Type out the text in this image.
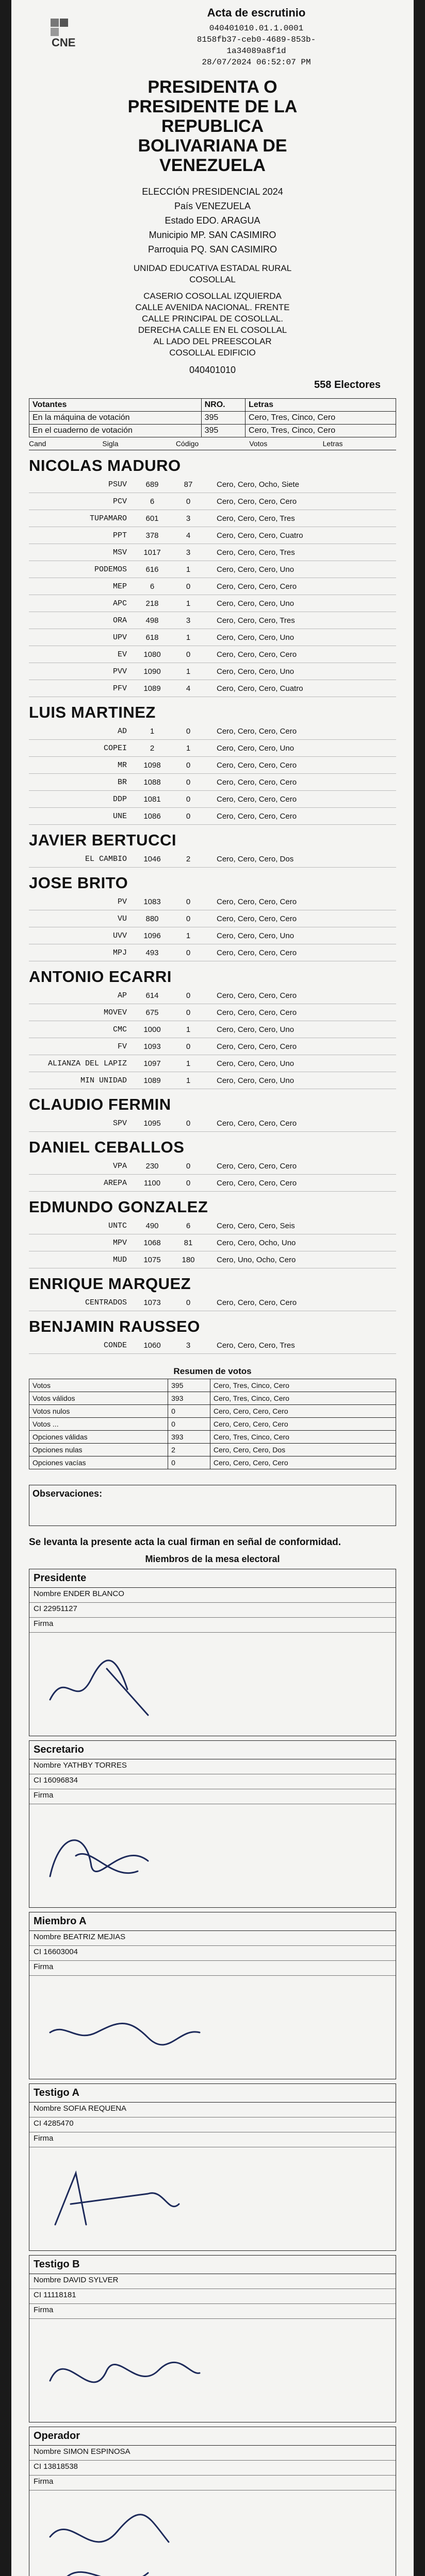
CNE
Acta de escrutinio
040401010.01.1.0001
8158fb37-ceb0-4689-853b-
1a34089a8f1d
28/07/2024 06:52:07 PM
PRESIDENTA O
PRESIDENTE DE LA
REPUBLICA
BOLIVARIANA DE
VENEZUELA
ELECCIÓN PRESIDENCIAL 2024
País VENEZUELA
Estado EDO. ARAGUA
Municipio MP. SAN CASIMIRO
Parroquia PQ. SAN CASIMIRO
UNIDAD EDUCATIVA ESTADAL RURAL
COSOLLAL
CASERIO COSOLLAL IZQUIERDA
CALLE AVENIDA NACIONAL. FRENTE
CALLE PRINCIPAL DE COSOLLAL.
DERECHA CALLE EN EL COSOLLAL
AL LADO DEL PREESCOLAR
COSOLLAL EDIFICIO
040401010
558 Electores
Votantes	NRO.	Letras
En la máquina de votación	395	Cero, Tres, Cinco, Cero
En el cuaderno de votación	395	Cero, Tres, Cinco, Cero
Cand	Sigla	Código	Votos	Letras
NICOLAS MADURO
PSUV	689	87	Cero, Cero, Ocho, Siete
PCV	6	0	Cero, Cero, Cero, Cero
TUPAMARO	601	3	Cero, Cero, Cero, Tres
PPT	378	4	Cero, Cero, Cero, Cuatro
MSV	1017	3	Cero, Cero, Cero, Tres
PODEMOS	616	1	Cero, Cero, Cero, Uno
MEP	6	0	Cero, Cero, Cero, Cero
APC	218	1	Cero, Cero, Cero, Uno
ORA	498	3	Cero, Cero, Cero, Tres
UPV	618	1	Cero, Cero, Cero, Uno
EV	1080	0	Cero, Cero, Cero, Cero
PVV	1090	1	Cero, Cero, Cero, Uno
PFV	1089	4	Cero, Cero, Cero, Cuatro
LUIS MARTINEZ
AD	1	0	Cero, Cero, Cero, Cero
COPEI	2	1	Cero, Cero, Cero, Uno
MR	1098	0	Cero, Cero, Cero, Cero
BR	1088	0	Cero, Cero, Cero, Cero
DDP	1081	0	Cero, Cero, Cero, Cero
UNE	1086	0	Cero, Cero, Cero, Cero
JAVIER BERTUCCI
EL CAMBIO	1046	2	Cero, Cero, Cero, Dos
JOSE BRITO
PV	1083	0	Cero, Cero, Cero, Cero
VU	880	0	Cero, Cero, Cero, Cero
UVV	1096	1	Cero, Cero, Cero, Uno
MPJ	493	0	Cero, Cero, Cero, Cero
ANTONIO ECARRI
AP	614	0	Cero, Cero, Cero, Cero
MOVEV	675	0	Cero, Cero, Cero, Cero
CMC	1000	1	Cero, Cero, Cero, Uno
FV	1093	0	Cero, Cero, Cero, Cero
ALIANZA DEL LAPIZ	1097	1	Cero, Cero, Cero, Uno
MIN UNIDAD	1089	1	Cero, Cero, Cero, Uno
CLAUDIO FERMIN
SPV	1095	0	Cero, Cero, Cero, Cero
DANIEL CEBALLOS
VPA	230	0	Cero, Cero, Cero, Cero
AREPA	1100	0	Cero, Cero, Cero, Cero
EDMUNDO GONZALEZ
UNTC	490	6	Cero, Cero, Cero, Seis
MPV	1068	81	Cero, Cero, Ocho, Uno
MUD	1075	180	Cero, Uno, Ocho, Cero
ENRIQUE MARQUEZ
CENTRADOS	1073	0	Cero, Cero, Cero, Cero
BENJAMIN RAUSSEO
CONDE	1060	3	Cero, Cero, Cero, Tres
Resumen de votos
Votos	395	Cero, Tres, Cinco, Cero
Votos válidos	393	Cero, Tres, Cinco, Cero
Votos nulos	0	Cero, Cero, Cero, Cero
Votos ...	0	Cero, Cero, Cero, Cero
Opciones válidas	393	Cero, Tres, Cinco, Cero
Opciones nulas	2	Cero, Cero, Cero, Dos
Opciones vacías	0	Cero, Cero, Cero, Cero
Observaciones:
Se levanta la presente acta la cual firman en señal de conformidad.
Miembros de la mesa electoral
Presidente
Nombre ENDER BLANCO
CI 22951127
Firma
Secretario
Nombre YATHBY TORRES
CI 16096834
Firma
Miembro A
Nombre BEATRIZ MEJIAS
CI 16603004
Firma
Testigo A
Nombre SOFIA REQUENA
CI 4285470
Firma
Testigo B
Nombre DAVID SYLVER
CI 11118181
Firma
Operador
Nombre SIMON ESPINOSA
CI 13818538
Firma
